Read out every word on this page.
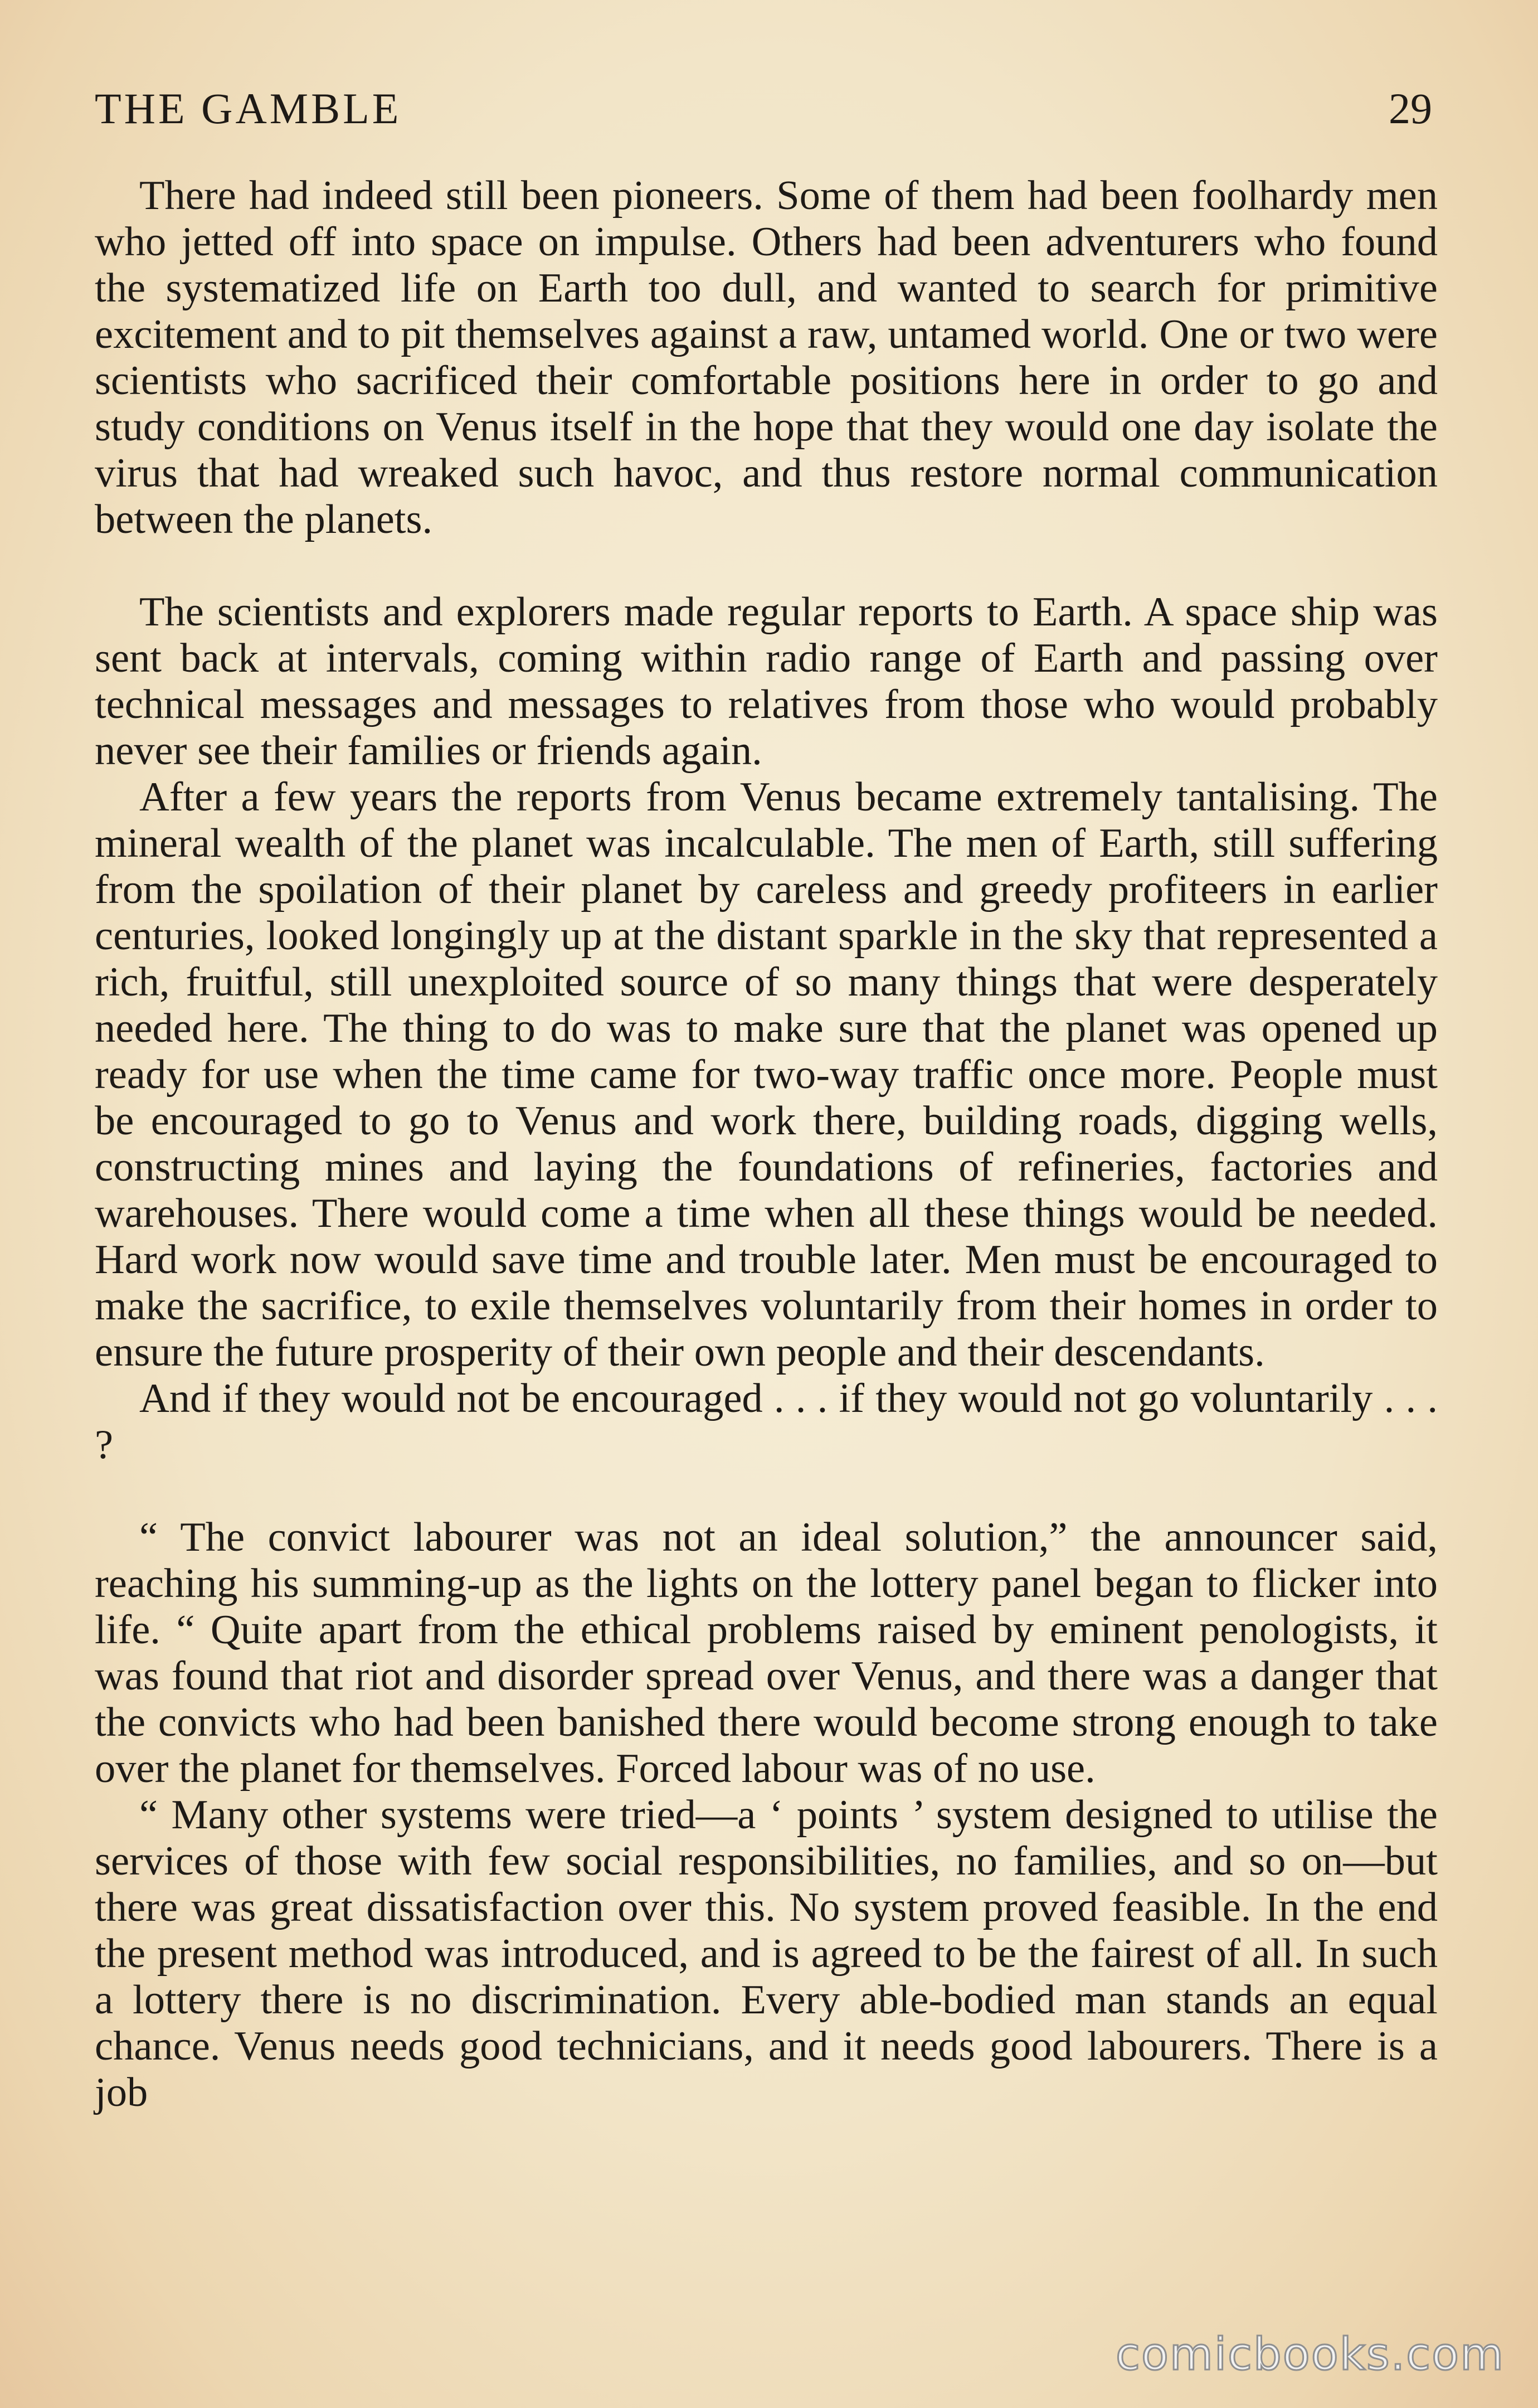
THE GAMBLE	29

There had indeed still been pioneers. Some of them had been foolhardy men who jetted off into space on impulse. Others had been adventurers who found the systematized life on Earth too dull, and wanted to search for primitive excitement and to pit themselves against a raw, untamed world. One or two were scientists who sacrificed their comfortable positions here in order to go and study conditions on Venus itself in the hope that they would one day isolate the virus that had wreaked such havoc, and thus restore normal communication between the planets.

The scientists and explorers made regular reports to Earth. A space ship was sent back at intervals, coming within radio range of Earth and passing over technical messages and messages to relatives from those who would probably never see their families or friends again.

After a few years the reports from Venus became extremely tantalising. The mineral wealth of the planet was incalculable. The men of Earth, still suffering from the spoilation of their planet by careless and greedy profiteers in earlier centuries, looked longingly up at the distant sparkle in the sky that represented a rich, fruitful, still unexploited source of so many things that were desperately needed here. The thing to do was to make sure that the planet was opened up ready for use when the time came for two-way traffic once more. People must be encouraged to go to Venus and work there, building roads, digging wells, constructing mines and laying the foundations of refineries, factories and warehouses. There would come a time when all these things would be needed. Hard work now would save time and trouble later. Men must be encouraged to make the sacrifice, to exile themselves voluntarily from their homes in order to ensure the future prosperity of their own people and their descendants.

And if they would not be encouraged . . . if they would not go voluntarily . . . ?

“ The convict labourer was not an ideal solution,” the announcer said, reaching his summing-up as the lights on the lottery panel began to flicker into life. “ Quite apart from the ethical problems raised by eminent penologists, it was found that riot and disorder spread over Venus, and there was a danger that the convicts who had been banished there would become strong enough to take over the planet for themselves. Forced labour was of no use.

“ Many other systems were tried—a ‘ points ’ system designed to utilise the services of those with few social responsibilities, no families, and so on—but there was great dissatisfaction over this. No system proved feasible. In the end the present method was introduced, and is agreed to be the fairest of all. In such a lottery there is no discrimination. Every able-bodied man stands an equal chance. Venus needs good technicians, and it needs good labourers. There is a job

comicbooks.com
